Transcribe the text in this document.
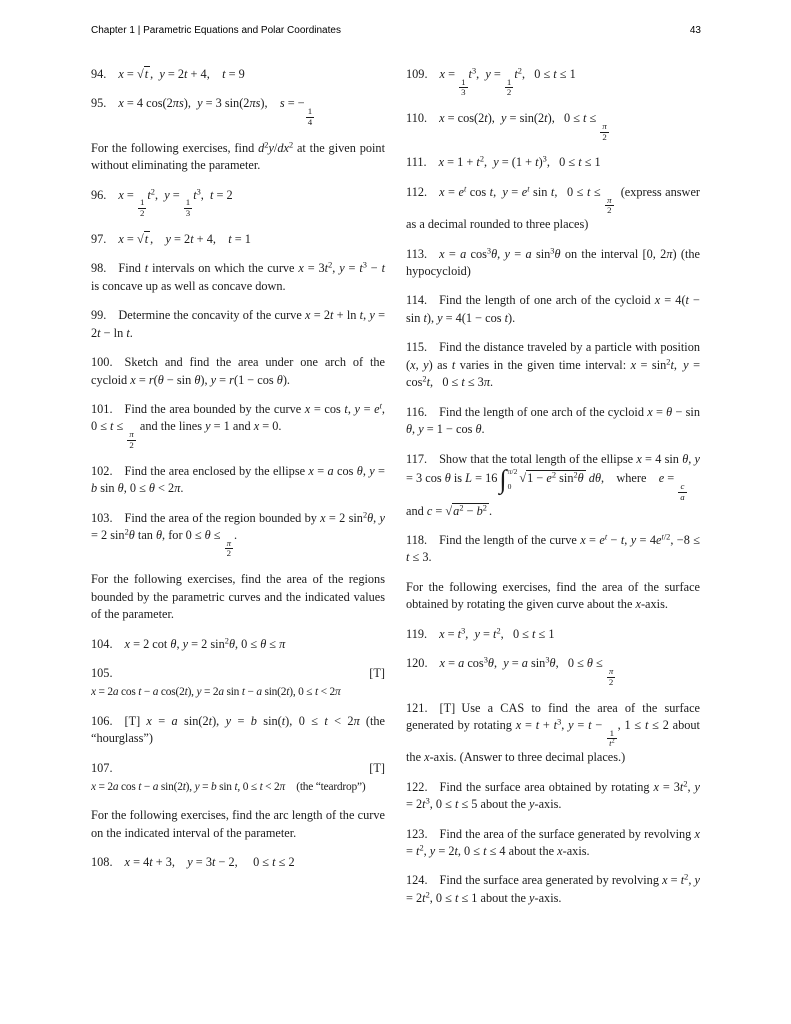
Chapter 1 | Parametric Equations and Polar Coordinates	43
94. x = √t , y = 2t + 4, t = 9
95. x = 4 cos(2πs), y = 3 sin(2πs), s = −
$\frac{1}{4}$

For the following exercises, find $d^2y/dx^2$ at the given point without eliminating the parameter.

96. x =
$\frac{1}{2}$
$t^2$, y =
$\frac{1}{3}$
$t^3$, t = 2
97. x = √t , y = 2t + 4, t = 1
98. Find t intervals on which the curve $x = 3t^2$, $y = t^3 - t$ is concave up as well as concave down.
99. Determine the concavity of the curve x = 2t + ln t, y = 2t − ln t.
100. Sketch and find the area under one arch of the cycloid x = r(θ − sin θ), y = r(1 − cos θ).
101. Find the area bounded by the curve x = cos t, $y = e^t$, 0 ≤ t ≤
$\frac{\pi}{2}$
and the lines y = 1 and x = 0.
102. Find the area enclosed by the ellipse x = a cos θ, y = b sin θ, 0 ≤ θ < 2π.
103. Find the area of the region bounded by x = 2 $\sin^2\theta$, y = 2 $\sin^2\theta$ tan θ, for 0 ≤ θ ≤
$\frac{\pi}{2}$
.

For the following exercises, find the area of the regions bounded by the parametric curves and the indicated values of the parameter.

104. x = 2 cot θ, y = 2 $\sin^2\theta$, 0 ≤ θ ≤ π
105.	[T]
x = 2a cos t − a cos(2t), y = 2a sin t − a sin(2t), 0 ≤ t < 2π
106. [T] x = a sin(2t), y = b sin(t), 0 ≤ t < 2π (the “hourglass”)
107.	[T]
x = 2a cos t − a sin(2t), y = b sin t, 0 ≤ t < 2π (the “teardrop”)

For the following exercises, find the arc length of the curve on the indicated interval of the parameter.

108. x = 4t + 3, y = 3t − 2,  0 ≤ t ≤ 2
109. x =
$\frac{1}{3}$
$t^3$, y =
$\frac{1}{2}$
$t^2$,  0 ≤ t ≤ 1
110. x = cos(2t), y = sin(2t),  0 ≤ t ≤
$\frac{\pi}{2}$
111. $x = 1 + t^2$, $y = (1 + t)^3$,  0 ≤ t ≤ 1
112. $x = e^t$ cos t, $y = e^t$ sin t,  0 ≤ t ≤
$\frac{\pi}{2}$
 (express answer as a decimal rounded to three places)
113. x = a $\cos^3\theta$, y = a $\sin^3\theta$ on the interval [0, 2π) (the hypocycloid)
114. Find the length of one arch of the cycloid x = 4(t − sin t), y = 4(1 − cos t).
115. Find the distance traveled by a particle with position (x, y) as t varies in the given time interval: $x = \sin^2t$, $y = \cos^2t$,  0 ≤ t ≤ 3π.
116. Find the length of one arch of the cycloid x = θ − sin θ, y = 1 − cos θ.
117. Show that the total length of the ellipse x = 4 sin θ, y = 3 cos θ is L = 16 ∫ π/2
0
$√1 - e^2$ $\sin^2\theta$ dθ, where e =
$\frac{c}{a}$
 and $c = √a^2 - b^2$ .
118. Find the length of the curve $x = e^t - t$, $y = 4e^{t/2}$, −8 ≤ t ≤ 3.

For the following exercises, find the area of the surface obtained by rotating the given curve about the x-axis.

119. $x = t^3$, $y = t^2$,  0 ≤ t ≤ 1
120. x = a $\cos^3\theta$, y = a $\sin^3\theta$,  0 ≤ θ ≤
$\frac{\pi}{2}$
121. [T] Use a CAS to find the area of the surface generated by rotating $x = t + t^3$, y = t −
$\frac{1}{t^2}$
, 1 ≤ t ≤ 2 about the x-axis. (Answer to three decimal places.)
122. Find the surface area obtained by rotating $x = 3t^2$, $y = 2t^3$, 0 ≤ t ≤ 5 about the y-axis.
123. Find the area of the surface generated by revolving $x = t^2$, y = 2t, 0 ≤ t ≤ 4 about the x-axis.
124. Find the surface area generated by revolving $x = t^2$, $y = 2t^2$, 0 ≤ t ≤ 1 about the y-axis.
